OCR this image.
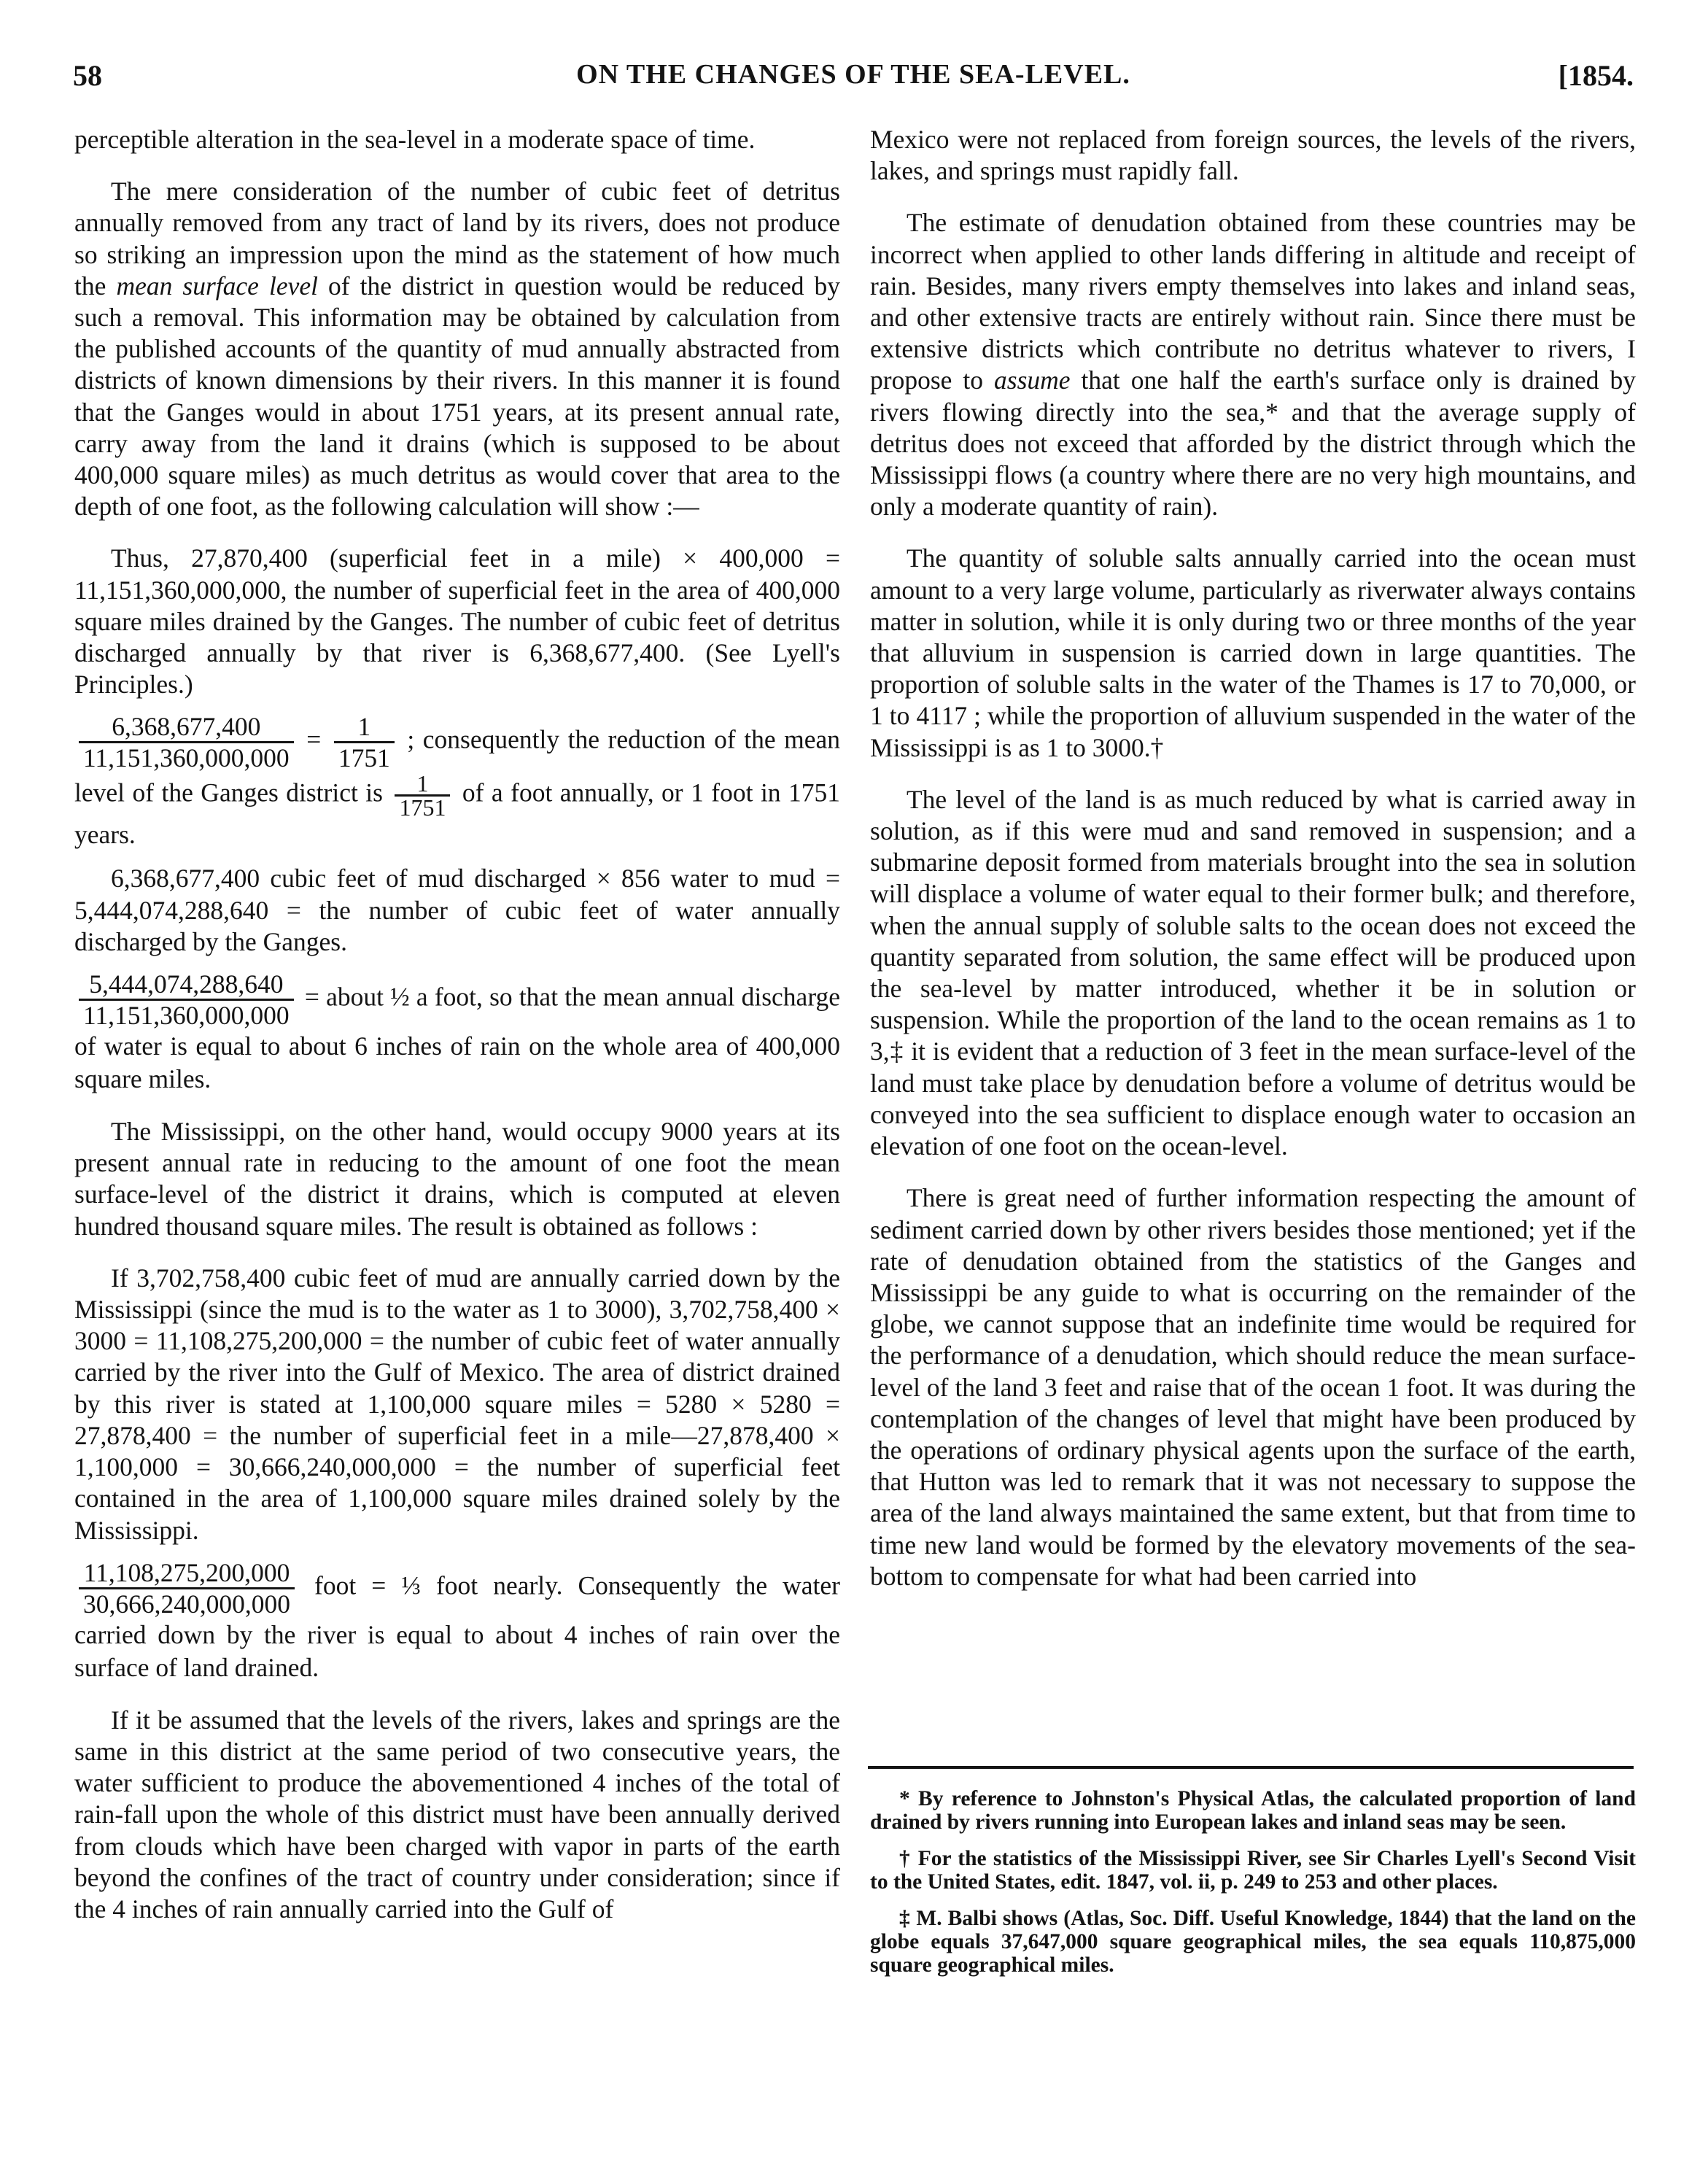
58	ON THE CHANGES OF THE SEA-LEVEL.	[1854.

perceptible alteration in the sea-level in a moderate space of time.

The mere consideration of the number of cubic feet of detritus annually removed from any tract of land by its rivers, does not produce so striking an impression upon the mind as the statement of how much the mean surface level of the district in question would be reduced by such a removal. This information may be obtained by calculation from the published accounts of the quantity of mud annually abstracted from districts of known dimensions by their rivers. In this manner it is found that the Ganges would in about 1751 years, at its present annual rate, carry away from the land it drains (which is supposed to be about 400,000 square miles) as much detritus as would cover that area to the depth of one foot, as the following calculation will show :—

Thus, 27,870,400 (superficial feet in a mile) × 400,000 = 11,151,360,000,000, the number of superficial feet in the area of 400,000 square miles drained by the Ganges. The number of cubic feet of detritus discharged annually by that river is 6,368,677,400. (See Lyell's Principles.)

$\frac{6,368,677,400}{11,151,360,000,000} = \frac{1}{1751}$ ; consequently the reduction of the mean level of the Ganges district is $\frac{1}{1751}$ of a foot annually, or 1 foot in 1751 years.

6,368,677,400 cubic feet of mud discharged × 856 water to mud = 5,444,074,288,640 = the number of cubic feet of water annually discharged by the Ganges.

$\frac{5,444,074,288,640}{11,151,360,000,000}$ = about ½ a foot, so that the mean annual discharge of water is equal to about 6 inches of rain on the whole area of 400,000 square miles.

The Mississippi, on the other hand, would occupy 9000 years at its present annual rate in reducing to the amount of one foot the mean surface-level of the district it drains, which is computed at eleven hundred thousand square miles. The result is obtained as follows :

If 3,702,758,400 cubic feet of mud are annually carried down by the Mississippi (since the mud is to the water as 1 to 3000), 3,702,758,400 × 3000 = 11,108,275,200,000 = the number of cubic feet of water annually carried by the river into the Gulf of Mexico. The area of district drained by this river is stated at 1,100,000 square miles = 5280 × 5280 = 27,878,400 = the number of superficial feet in a mile—27,878,400 × 1,100,000 = 30,666,240,000,000 = the number of superficial feet contained in the area of 1,100,000 square miles drained solely by the Mississippi.

$\frac{11,108,275,200,000}{30,666,240,000,000}$ foot = ⅓ foot nearly. Consequently the water carried down by the river is equal to about 4 inches of rain over the surface of land drained.

If it be assumed that the levels of the rivers, lakes and springs are the same in this district at the same period of two consecutive years, the water sufficient to produce the abovementioned 4 inches of the total of rain-fall upon the whole of this district must have been annually derived from clouds which have been charged with vapor in parts of the earth beyond the confines of the tract of country under consideration; since if the 4 inches of rain annually carried into the Gulf of

Mexico were not replaced from foreign sources, the levels of the rivers, lakes, and springs must rapidly fall.

The estimate of denudation obtained from these countries may be incorrect when applied to other lands differing in altitude and receipt of rain. Besides, many rivers empty themselves into lakes and inland seas, and other extensive tracts are entirely without rain. Since there must be extensive districts which contribute no detritus whatever to rivers, I propose to assume that one half the earth's surface only is drained by rivers flowing directly into the sea,* and that the average supply of detritus does not exceed that afforded by the district through which the Mississippi flows (a country where there are no very high mountains, and only a moderate quantity of rain).

The quantity of soluble salts annually carried into the ocean must amount to a very large volume, particularly as riverwater always contains matter in solution, while it is only during two or three months of the year that alluvium in suspension is carried down in large quantities. The proportion of soluble salts in the water of the Thames is 17 to 70,000, or 1 to 4117 ; while the proportion of alluvium suspended in the water of the Mississippi is as 1 to 3000.†

The level of the land is as much reduced by what is carried away in solution, as if this were mud and sand removed in suspension; and a submarine deposit formed from materials brought into the sea in solution will displace a volume of water equal to their former bulk; and therefore, when the annual supply of soluble salts to the ocean does not exceed the quantity separated from solution, the same effect will be produced upon the sea-level by matter introduced, whether it be in solution or suspension. While the proportion of the land to the ocean remains as 1 to 3,‡ it is evident that a reduction of 3 feet in the mean surface-level of the land must take place by denudation before a volume of detritus would be conveyed into the sea sufficient to displace enough water to occasion an elevation of one foot on the ocean-level.

There is great need of further information respecting the amount of sediment carried down by other rivers besides those mentioned; yet if the rate of denudation obtained from the statistics of the Ganges and Mississippi be any guide to what is occurring on the remainder of the globe, we cannot suppose that an indefinite time would be required for the performance of a denudation, which should reduce the mean surface-level of the land 3 feet and raise that of the ocean 1 foot. It was during the contemplation of the changes of level that might have been produced by the operations of ordinary physical agents upon the surface of the earth, that Hutton was led to remark that it was not necessary to suppose the area of the land always maintained the same extent, but that from time to time new land would be formed by the elevatory movements of the sea-bottom to compensate for what had been carried into

* By reference to Johnston's Physical Atlas, the calculated proportion of land drained by rivers running into European lakes and inland seas may be seen.

† For the statistics of the Mississippi River, see Sir Charles Lyell's Second Visit to the United States, edit. 1847, vol. ii, p. 249 to 253 and other places.

‡ M. Balbi shows (Atlas, Soc. Diff. Useful Knowledge, 1844) that the land on the globe equals 37,647,000 square geographical miles, the sea equals 110,875,000 square geographical miles.
